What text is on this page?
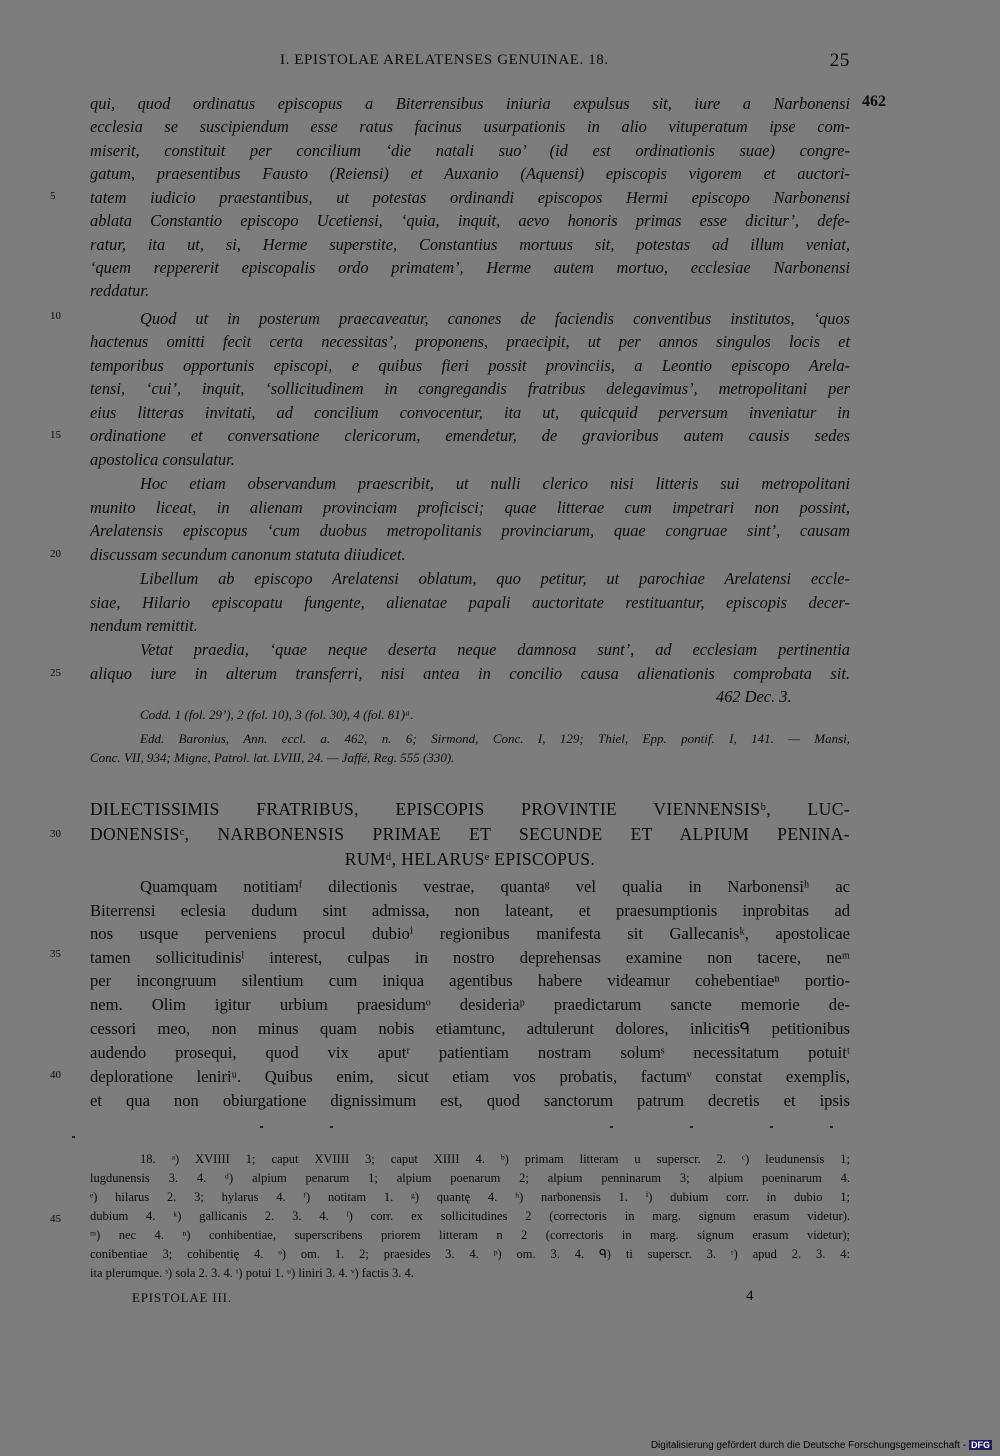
I. EPISTOLAE ARELATENSES GENUINAE. 18.	25
462
qui, quod ordinatus episcopus a Biterrensibus iniuria expulsus sit, iure a Narbonensi
ecclesia se suscipiendum esse ratus facinus usurpationis in alio vituperatum ipse com-
miserit, constituit per concilium ‘die natali suo’ (id est ordinationis suae) congre-
gatum, praesentibus Fausto (Reiensi) et Auxanio (Aquensi) episcopis vigorem et auctori-
tatem iudicio praestantibus, ut potestas ordinandi episcopos Hermi episcopo Narbonensi
ablata Constantio episcopo Ucetiensi, ‘quia, inquit, aevo honoris primas esse dicitur’, defe-
ratur, ita ut, si, Herme superstite, Constantius mortuus sit, potestas ad illum veniat,
‘quem reppererit episcopalis ordo primatem’, Herme autem mortuo, ecclesiae Narbonensi
reddatur.
Quod ut in posterum praecaveatur, canones de faciendis conventibus institutos, ‘quos
hactenus omitti fecit certa necessitas’, proponens, praecipit, ut per annos singulos locis et
temporibus opportunis episcopi, e quibus fieri possit provinciis, a Leontio episcopo Arela-
tensi, ‘cui’, inquit, ‘sollicitudinem in congregandis fratribus delegavimus’, metropolitani per
eius litteras invitati, ad concilium convocentur, ita ut, quicquid perversum inveniatur in
ordinatione et conversatione clericorum, emendetur, de gravioribus autem causis sedes
apostolica consulatur.
Hoc etiam observandum praescribit, ut nulli clerico nisi litteris sui metropolitani
munito liceat, in alienam provinciam proficisci; quae litterae cum impetrari non possint,
Arelatensis episcopus ‘cum duobus metropolitanis provinciarum, quae congruae sint’, causam
discussam secundum canonum statuta diiudicet.
Libellum ab episcopo Arelatensi oblatum, quo petitur, ut parochiae Arelatensi eccle-
siae, Hilario episcopatu fungente, alienatae papali auctoritate restituantur, episcopis decer-
nendum remittit.
Vetat praedia, ‘quae neque deserta neque damnosa sunt’, ad ecclesiam pertinentia
aliquo iure in alterum transferri, nisi antea in concilio causa alienationis comprobata sit.
5
10
15
20
25
30
35
40
45
462 Dec. 3.
Codd. 1 (fol. 29’), 2 (fol. 10), 3 (fol. 30), 4 (fol. 81)ᵃ.
Edd. Baronius, Ann. eccl. a. 462, n. 6; Sirmond, Conc. I, 129; Thiel, Epp. pontif. I, 141. — Mansi,
Conc. VII, 934; Migne, Patrol. lat. LVIII, 24. — Jaffé, Reg. 555 (330).
DILECTISSIMIS FRATRIBUS, EPISCOPIS PROVINTIE VIENNENSISᵇ, LUC-
DONENSISᶜ, NARBONENSIS PRIMAE ET SECUNDE ET ALPIUM PENINA-
RUMᵈ, HELARUSᵉ EPISCOPUS.
Quamquam notitiamᶠ dilectionis vestrae, quantaᵍ vel qualia in Narbonensiʰ ac
Biterrensi eclesia dudum sint admissa, non lateant, et praesumptionis inprobitas ad
nos usque perveniens procul dubioⁱ regionibus manifesta sit Gallecanisᵏ, apostolicae
tamen sollicitudinisˡ interest, culpas in nostro deprehensas examine non tacere, neᵐ
per incongruum silentium cum iniqua agentibus habere videamur cohebentiaeⁿ portio-
nem. Olim igitur urbium praesidumᵒ desideriaᵖ praedictarum sancte memorie de-
cessori meo, non minus quam nobis etiamtunc, adtulerunt dolores, inlicitisᑫ petitionibus
audendo prosequi, quod vix aputʳ patientiam nostram solumˢ necessitatum potuitᵗ
deploratione leniriᵘ. Quibus enim, sicut etiam vos probatis, factumᵛ constat exemplis,
et qua non obiurgatione dignissimum est, quod sanctorum patrum decretis et ipsis
18. ᵃ) XVIIII 1; caput XVIIII 3; caput XIIII 4. ᵇ) primam litteram u superscr. 2. ᶜ) leudunensis 1;
lugdunensis 3. 4. ᵈ) alpium penarum 1; alpium poenarum 2; alpium penninarum 3; alpium poeninarum 4.
ᵉ) hilarus 2. 3; hylarus 4. ᶠ) notitam 1. ᵍ) quantę 4. ʰ) narbonensis 1. ⁱ) dubium corr. in dubio 1;
dubium 4. ᵏ) gallicanis 2. 3. 4. ˡ) corr. ex sollicitudines 2 (correctoris in marg. signum erasum videtur).
ᵐ) nec 4. ⁿ) conhibentiae, superscribens priorem litteram n 2 (correctoris in marg. signum erasum videtur);
conibentiae 3; cohibentię 4. ᵒ) om. 1. 2; praesides 3. 4. ᵖ) om. 3. 4. ᑫ) ti superscr. 3. ʳ) apud 2. 3. 4:
ita plerumque. ˢ) sola 2. 3. 4. ᵗ) potui 1. ᵘ) liniri 3. 4. ᵛ) factis 3. 4.
EPISTOLAE III.	4
Digitalisierung gefördert durch die Deutsche Forschungsgemeinschaft - DFG
